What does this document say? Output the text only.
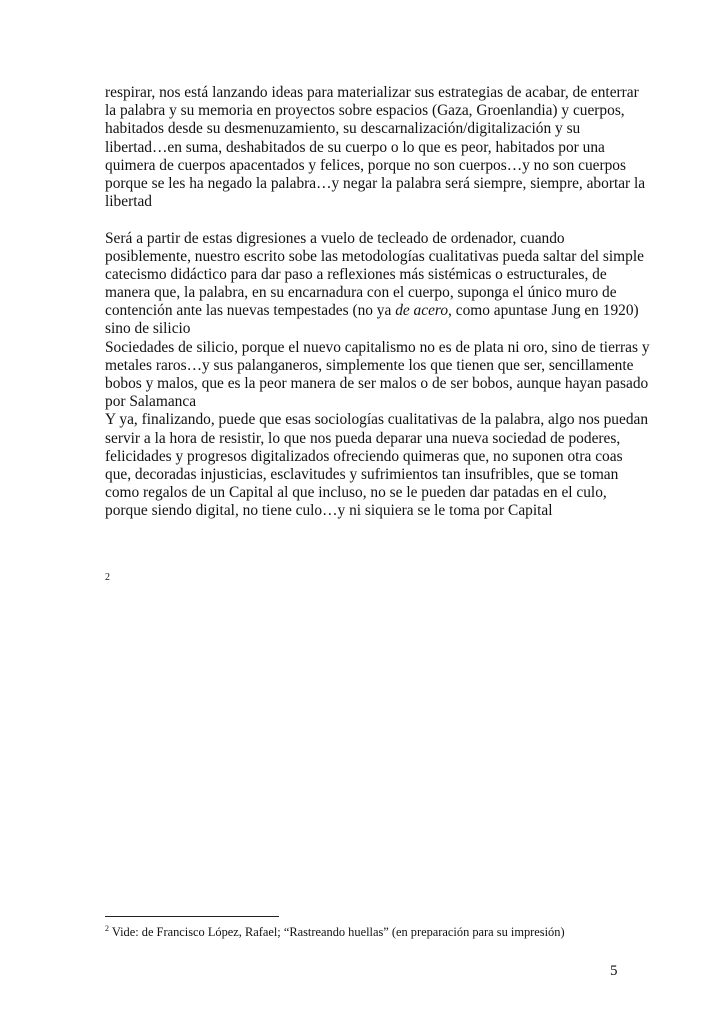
respirar, nos está lanzando ideas para materializar sus estrategias de acabar, de enterrar
la palabra y su memoria en proyectos sobre espacios (Gaza, Groenlandia) y cuerpos,
habitados desde su desmenuzamiento, su descarnalización/digitalización y su
libertad…en suma, deshabitados de su cuerpo o lo que es peor, habitados por una
quimera de cuerpos apacentados y felices, porque no son cuerpos…y no son cuerpos
porque se les ha negado la palabra…y negar la palabra será siempre, siempre, abortar la
libertad
Será a partir de estas digresiones a vuelo de tecleado de ordenador, cuando
posiblemente, nuestro escrito sobe las metodologías cualitativas pueda saltar del simple
catecismo didáctico para dar paso a reflexiones más sistémicas o estructurales, de
manera que, la palabra, en su encarnadura con el cuerpo, suponga el único muro de
contención ante las nuevas tempestades (no ya de acero, como apuntase Jung en 1920)
sino de silicio
Sociedades de silicio, porque el nuevo capitalismo no es de plata ni oro, sino de tierras y
metales raros…y sus palanganeros, simplemente los que tienen que ser, sencillamente
bobos y malos, que es la peor manera de ser malos o de ser bobos, aunque hayan pasado
por Salamanca
Y ya, finalizando, puede que esas sociologías cualitativas de la palabra, algo nos puedan
servir a la hora de resistir, lo que nos pueda deparar una nueva sociedad de poderes,
felicidades y progresos digitalizados ofreciendo quimeras que, no suponen otra coas
que, decoradas injusticias, esclavitudes y sufrimientos tan insufribles, que se toman
como regalos de un Capital al que incluso, no se le pueden dar patadas en el culo,
porque siendo digital, no tiene culo…y ni siquiera se le toma por Capital
2
$^2$ Vide: de Francisco López, Rafael; “Rastreando huellas” (en preparación para su impresión)
5
